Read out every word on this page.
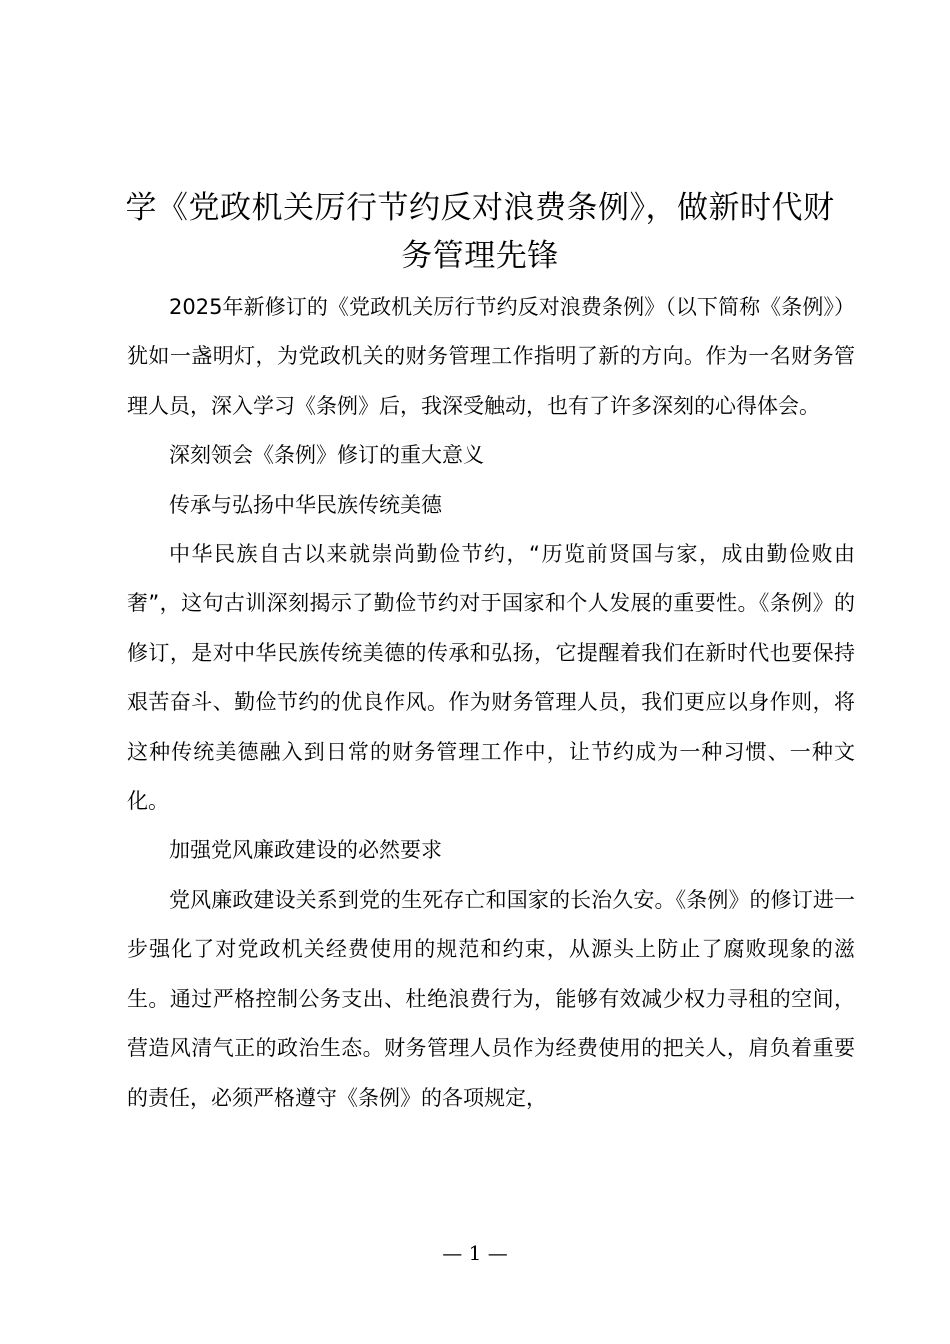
学《党政机关厉行节约反对浪费条例》，做新时代财务管理先锋

2025年新修订的《党政机关厉行节约反对浪费条例》（以下简称《条例》）犹如一盏明灯，为党政机关的财务管理工作指明了新的方向。作为一名财务管理人员，深入学习《条例》后，我深受触动，也有了许多深刻的心得体会。

深刻领会《条例》修订的重大意义

传承与弘扬中华民族传统美德

中华民族自古以来就崇尚勤俭节约，“历览前贤国与家，成由勤俭败由奢”，这句古训深刻揭示了勤俭节约对于国家和个人发展的重要性。《条例》的修订，是对中华民族传统美德的传承和弘扬，它提醒着我们在新时代也要保持艰苦奋斗、勤俭节约的优良作风。作为财务管理人员，我们更应以身作则，将这种传统美德融入到日常的财务管理工作中，让节约成为一种习惯、一种文化。

加强党风廉政建设的必然要求

党风廉政建设关系到党的生死存亡和国家的长治久安。《条例》的修订进一步强化了对党政机关经费使用的规范和约束，从源头上防止了腐败现象的滋生。通过严格控制公务支出、杜绝浪费行为，能够有效减少权力寻租的空间，营造风清气正的政治生态。财务管理人员作为经费使用的把关人，肩负着重要的责任，必须严格遵守《条例》的各项规定，

— 1 —
